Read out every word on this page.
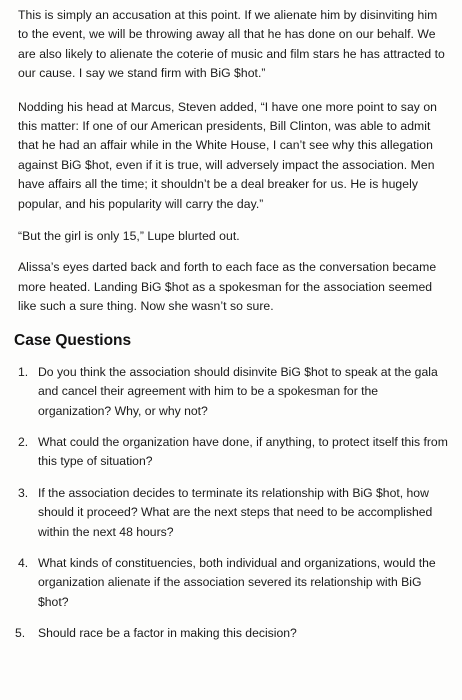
This is simply an accusation at this point. If we alienate him by disinviting him to the event, we will be throwing away all that he has done on our behalf. We are also likely to alienate the coterie of music and film stars he has attracted to our cause. I say we stand firm with BiG $hot.”

Nodding his head at Marcus, Steven added, “I have one more point to say on this matter: If one of our American presidents, Bill Clinton, was able to admit that he had an affair while in the White House, I can’t see why this allegation against BiG $hot, even if it is true, will adversely impact the association. Men have affairs all the time; it shouldn’t be a deal breaker for us. He is hugely popular, and his popularity will carry the day.”

“But the girl is only 15,” Lupe blurted out.

Alissa’s eyes darted back and forth to each face as the conversation became more heated. Landing BiG $hot as a spokesman for the association seemed like such a sure thing. Now she wasn’t so sure.

Case Questions
1. Do you think the association should disinvite BiG $hot to speak at the gala and cancel their agreement with him to be a spokesman for the organization? Why, or why not?
2. What could the organization have done, if anything, to protect itself this from this type of situation?
3. If the association decides to terminate its relationship with BiG $hot, how should it proceed? What are the next steps that need to be accomplished within the next 48 hours?
4. What kinds of constituencies, both individual and organizations, would the organization alienate if the association severed its relationship with BiG $hot?
5. Should race be a factor in making this decision?
